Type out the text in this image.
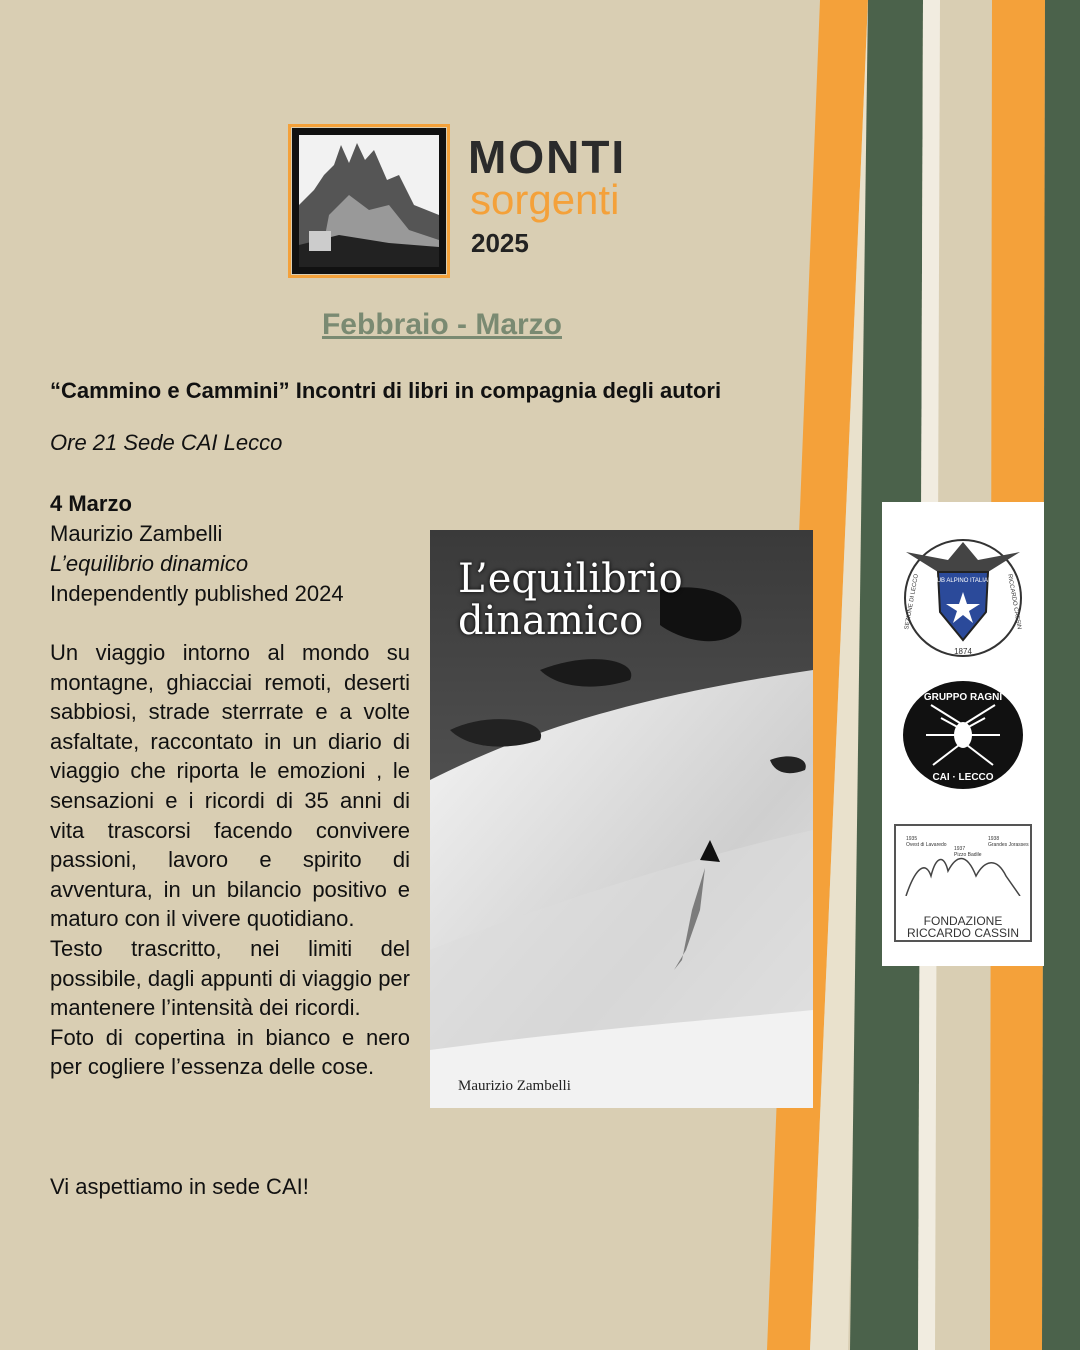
MONTI
sorgenti
2025
Febbraio - Marzo
“Cammino e Cammini” Incontri di libri in compagnia degli autori
Ore 21 Sede CAI Lecco
4 Marzo
Maurizio Zambelli
L’equilibrio dinamico
Independently published 2024

Un viaggio intorno al mondo su montagne, ghiacciai remoti, deserti sabbiosi, strade sterrrate e a volte asfaltate, raccontato in un diario di viaggio che riporta le emozioni , le sensazioni e i ricordi di 35 anni di vita trascorsi facendo convivere passioni, lavoro e spirito di avventura, in un bilancio positivo e maturo con il vivere quotidiano.

Testo trascritto, nei limiti del possibile, dagli appunti di viaggio per mantenere l’intensità dei ricordi.

Foto di copertina in bianco e nero per cogliere l’essenza delle cose.

Vi aspettiamo in sede CAI!
L’equilibrio
dinamico
Maurizio Zambelli
CLUB ALPINO ITALIANO
SEZIONE DI LECCO	RICCARDO CASSIN
1874
GRUPPO RAGNI
CAI · LECCO
1935
Ovest di Lavaredo
1937
Pizzo Badile
1938
Grandes Jorasses
FONDAZIONE
RICCARDO CASSIN
